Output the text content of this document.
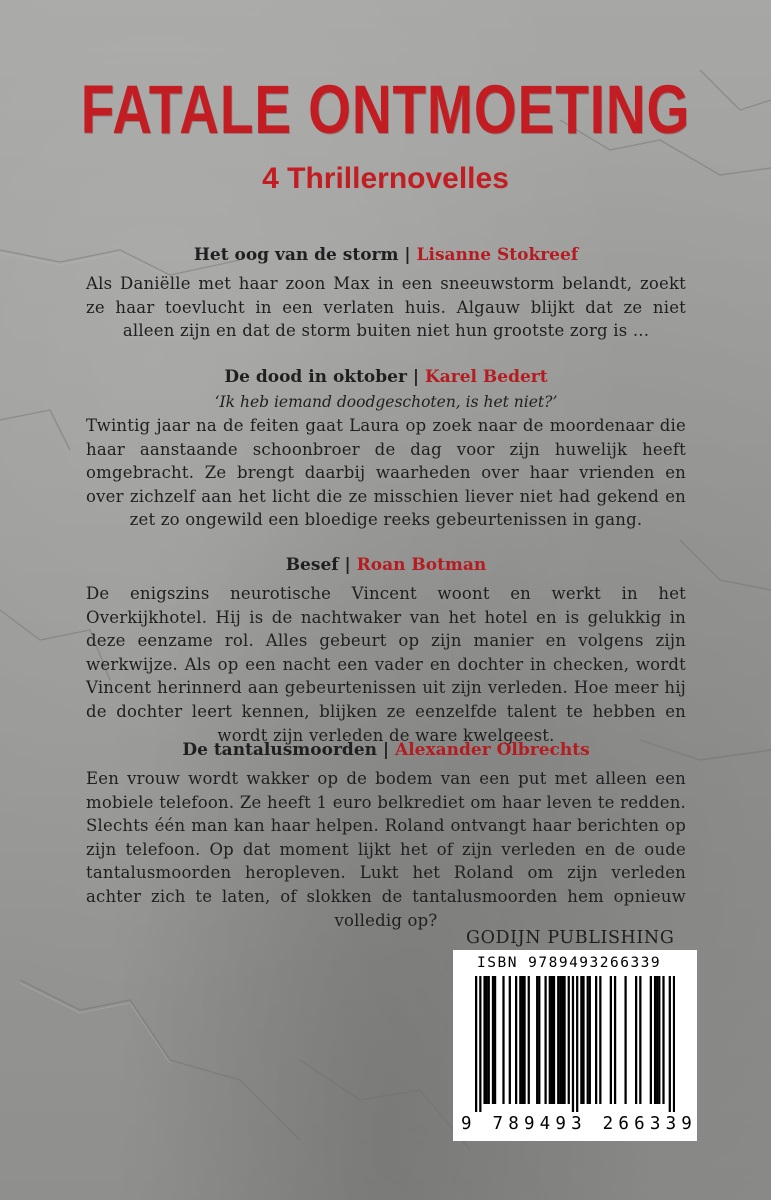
FATALE ONTMOETING
4 Thrillernovelles
Het oog van de storm | Lisanne Stokreef
Als Daniëlle met haar zoon Max in een sneeuwstorm belandt, zoekt ze haar toevlucht in een verlaten huis. Algauw blijkt dat ze niet alleen zijn en dat de storm buiten niet hun grootste zorg is ...
De dood in oktober | Karel Bedert
‘Ik heb iemand doodgeschoten, is het niet?’
Twintig jaar na de feiten gaat Laura op zoek naar de moordenaar die haar aanstaande schoonbroer de dag voor zijn huwelijk heeft omgebracht. Ze brengt daarbij waarheden over haar vrienden en over zichzelf aan het licht die ze misschien liever niet had gekend en zet zo ongewild een bloedige reeks gebeurtenissen in gang.
Besef | Roan Botman
De enigszins neurotische Vincent woont en werkt in het Overkijkhotel. Hij is de nachtwaker van het hotel en is gelukkig in deze eenzame rol. Alles gebeurt op zijn manier en volgens zijn werkwijze. Als op een nacht een vader en dochter in checken, wordt Vincent herinnerd aan gebeurtenissen uit zijn verleden. Hoe meer hij de dochter leert kennen, blijken ze eenzelfde talent te hebben en wordt zijn verleden de ware kwelgeest.
De tantalusmoorden | Alexander Olbrechts
Een vrouw wordt wakker op de bodem van een put met alleen een mobiele telefoon. Ze heeft 1 euro belkrediet om haar leven te redden. Slechts één man kan haar helpen. Roland ontvangt haar berichten op zijn telefoon. Op dat moment lijkt het of zijn verleden en de oude tantalusmoorden heropleven. Lukt het Roland om zijn verleden achter zich te laten, of slokken de tantalusmoorden hem opnieuw volledig op?
GODIJN PUBLISHING
ISBN 9789493266339
9 789493 266339
